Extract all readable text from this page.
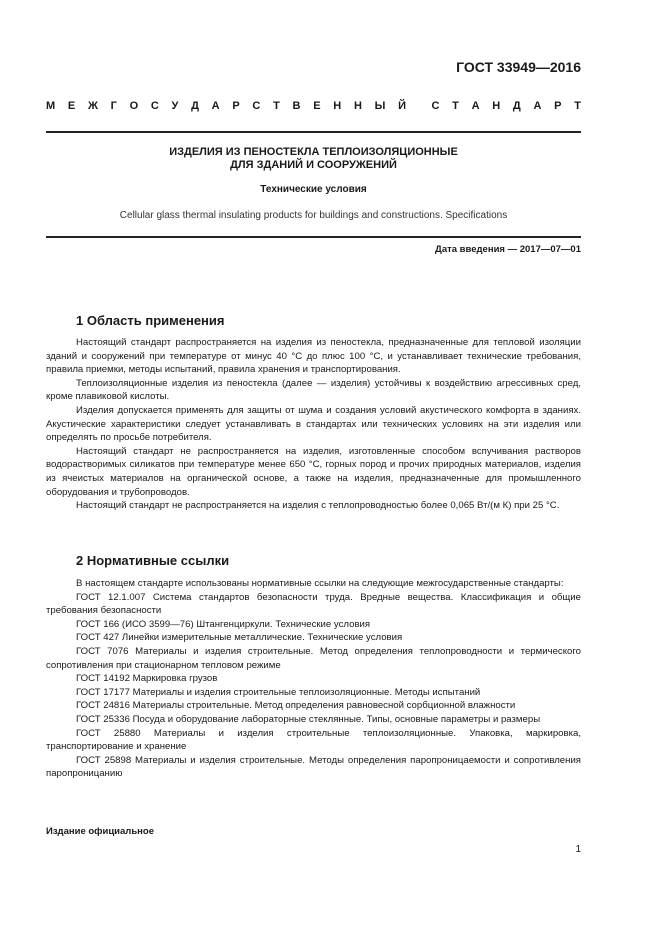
ГОСТ 33949—2016
М Е Ж Г О С У Д А Р С Т В Е Н Н Ы Й С Т А Н Д А Р Т
ИЗДЕЛИЯ ИЗ ПЕНОСТЕКЛА ТЕПЛОИЗОЛЯЦИОННЫЕ
ДЛЯ ЗДАНИЙ И СООРУЖЕНИЙ
Технические условия
Cellular glass thermal insulating products for buildings and constructions. Specifications
Дата введения — 2017—07—01
1 Область применения

Настоящий стандарт распространяется на изделия из пеностекла, предназначенные для тепловой изоляции зданий и сооружений при температуре от минус 40 °С до плюс 100 °С, и устанавливает технические требования, правила приемки, методы испытаний, правила хранения и транспортирования.

Теплоизоляционные изделия из пеностекла (далее — изделия) устойчивы к воздействию агрессивных сред, кроме плавиковой кислоты.

Изделия допускается применять для защиты от шума и создания условий акустического комфорта в зданиях. Акустические характеристики следует устанавливать в стандартах или технических условиях на эти изделия или определять по просьбе потребителя.

Настоящий стандарт не распространяется на изделия, изготовленные способом вспучивания растворов водорастворимых силикатов при температуре менее 650 °С, горных пород и прочих природных материалов, изделия из ячеистых материалов на органической основе, а также на изделия, предназначенные для промышленного оборудования и трубопроводов.

Настоящий стандарт не распространяется на изделия с теплопроводностью более 0,065 Вт/(м К) при 25 °С.

2 Нормативные ссылки

В настоящем стандарте использованы нормативные ссылки на следующие межгосударственные стандарты:

ГОСТ 12.1.007 Система стандартов безопасности труда. Вредные вещества. Классификация и общие требования безопасности

ГОСТ 166 (ИСО 3599—76) Штангенциркули. Технические условия

ГОСТ 427 Линейки измерительные металлические. Технические условия

ГОСТ 7076 Материалы и изделия строительные. Метод определения теплопроводности и термического сопротивления при стационарном тепловом режиме

ГОСТ 14192 Маркировка грузов

ГОСТ 17177 Материалы и изделия строительные теплоизоляционные. Методы испытаний

ГОСТ 24816 Материалы строительные. Метод определения равновесной сорбционной влажности

ГОСТ 25336 Посуда и оборудование лабораторные стеклянные. Типы, основные параметры и размеры

ГОСТ 25880 Материалы и изделия строительные теплоизоляционные. Упаковка, маркировка, транспортирование и хранение

ГОСТ 25898 Материалы и изделия строительные. Методы определения паропроницаемости и сопротивления паропроницанию

Издание официальное
1
